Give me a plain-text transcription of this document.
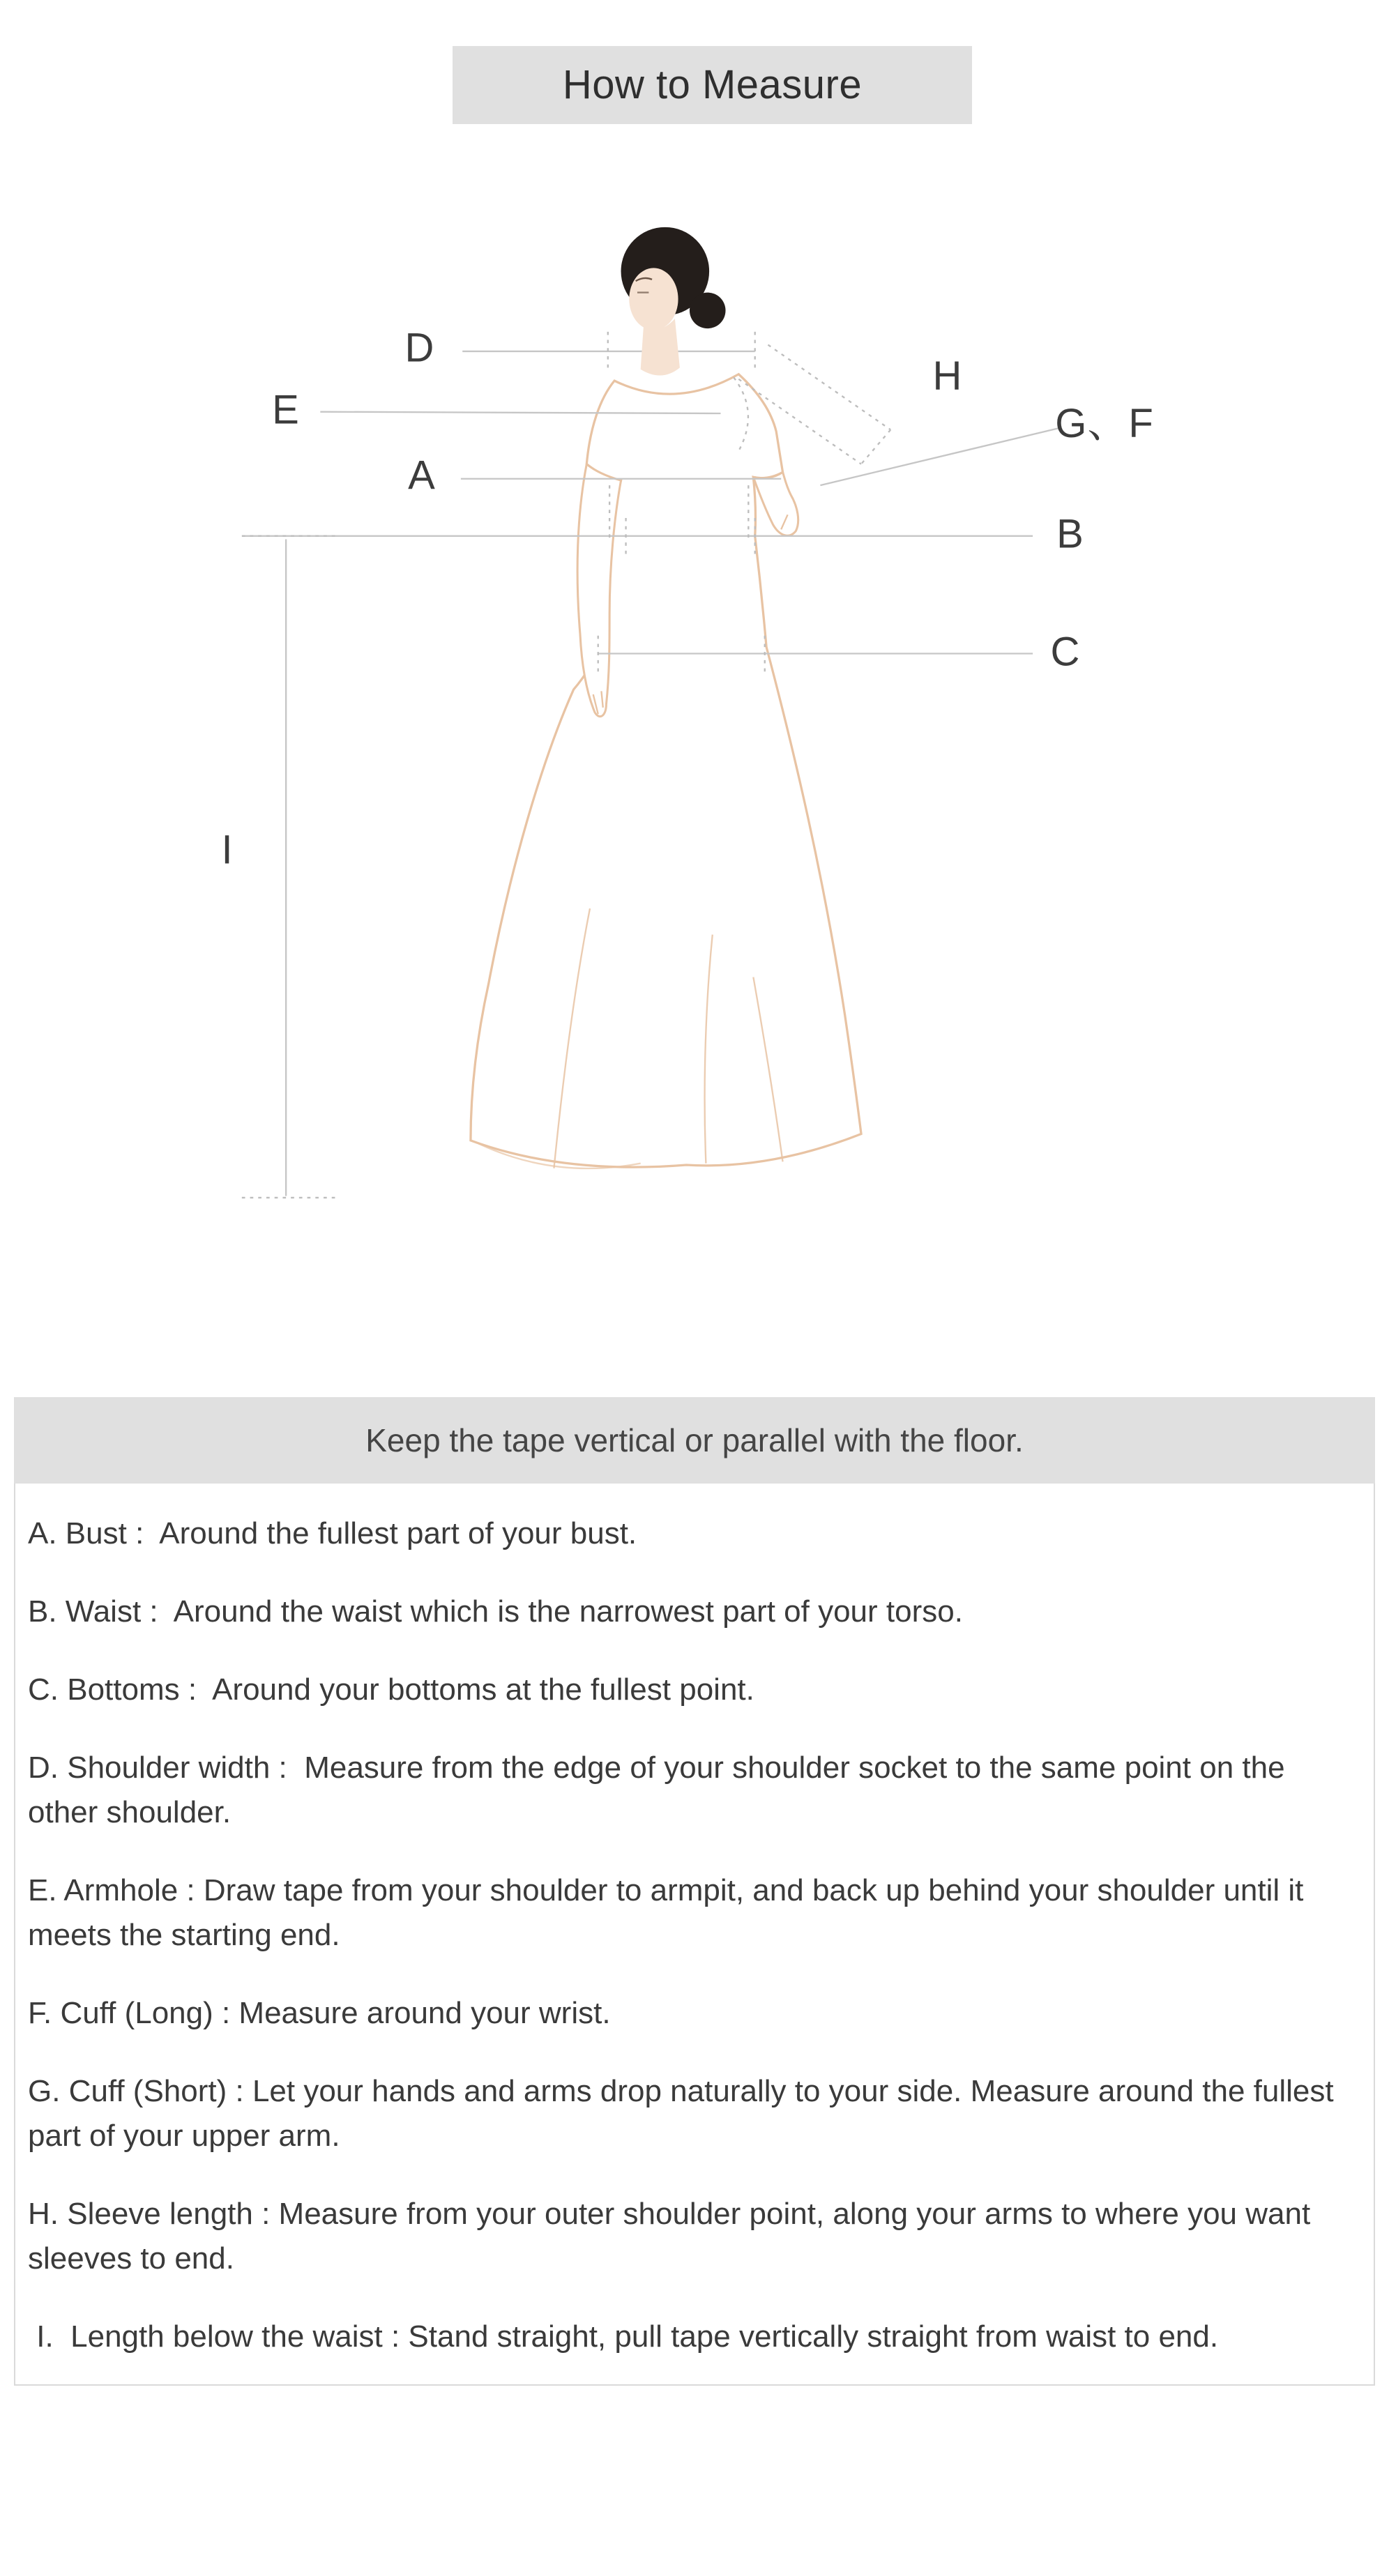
How to Measure
D
E
A
H
G、F
B
C
I
Keep the tape vertical or parallel with the floor.

A. Bust :  Around the fullest part of your bust.

B. Waist :  Around the waist which is the narrowest part of your torso.

C. Bottoms :  Around your bottoms at the fullest point.

D. Shoulder width :  Measure from the edge of your shoulder socket to the same point on the other shoulder.

E. Armhole : Draw tape from your shoulder to armpit, and back up behind your shoulder until it meets the starting end.

F. Cuff (Long) : Measure around your wrist.

G. Cuff (Short) : Let your hands and arms drop naturally to your side. Measure around the fullest part of your upper arm.

H. Sleeve length : Measure from your outer shoulder point, along your arms to where you want sleeves to end.

I.  Length below the waist : Stand straight, pull tape vertically straight from waist to end.
